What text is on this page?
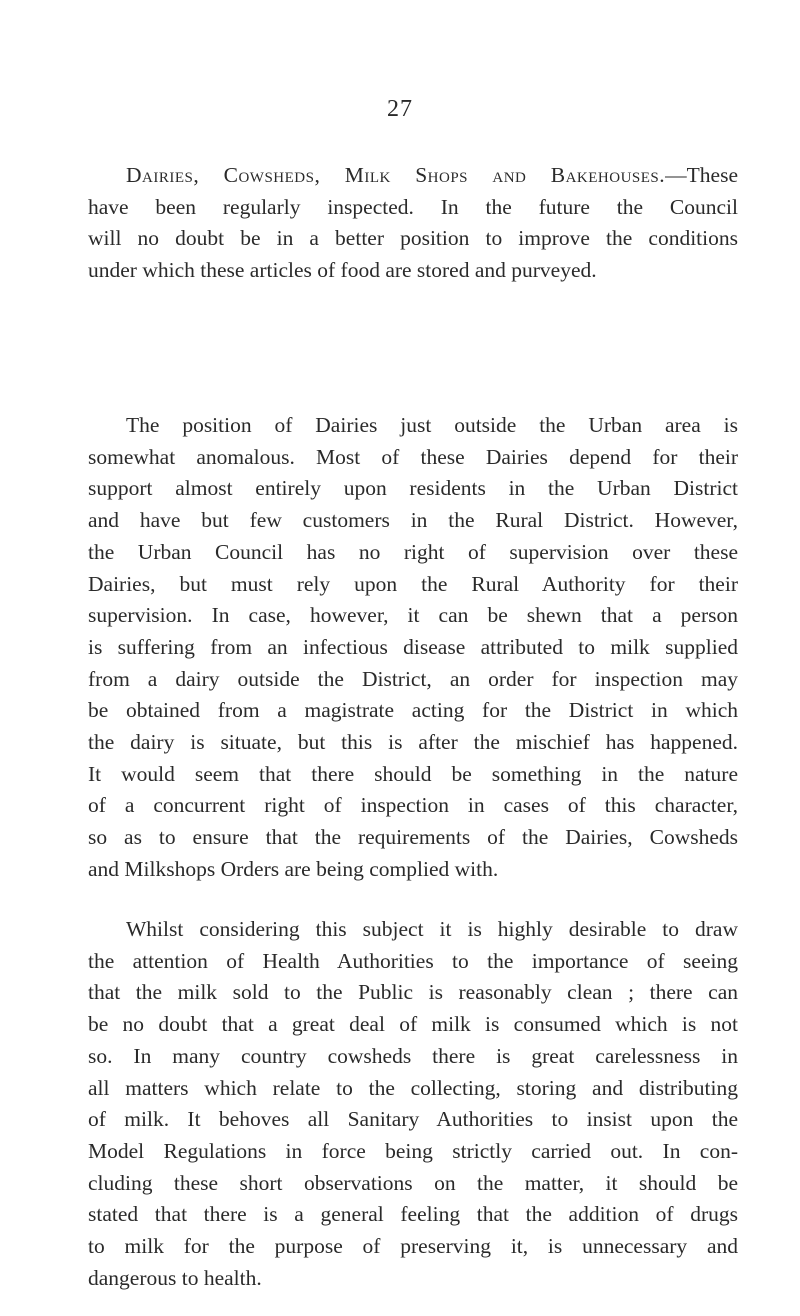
27
Dairies, Cowsheds, Milk Shops and Bakehouses.—These
have been regularly inspected. In the future the Council
will no doubt be in a better position to improve the conditions
under which these articles of food are stored and purveyed.
The position of Dairies just outside the Urban area is
somewhat anomalous. Most of these Dairies depend for their
support almost entirely upon residents in the Urban District
and have but few customers in the Rural District. However,
the Urban Council has no right of supervision over these
Dairies, but must rely upon the Rural Authority for their
supervision. In case, however, it can be shewn that a person
is suffering from an infectious disease attributed to milk supplied
from a dairy outside the District, an order for inspection may
be obtained from a magistrate acting for the District in which
the dairy is situate, but this is after the mischief has happened.
It would seem that there should be something in the nature
of a concurrent right of inspection in cases of this character,
so as to ensure that the requirements of the Dairies, Cowsheds
and Milkshops Orders are being complied with.
Whilst considering this subject it is highly desirable to draw
the attention of Health Authorities to the importance of seeing
that the milk sold to the Public is reasonably clean ; there can
be no doubt that a great deal of milk is consumed which is not
so. In many country cowsheds there is great carelessness in
all matters which relate to the collecting, storing and distributing
of milk. It behoves all Sanitary Authorities to insist upon the
Model Regulations in force being strictly carried out. In con-
cluding these short observations on the matter, it should be
stated that there is a general feeling that the addition of drugs
to milk for the purpose of preserving it, is unnecessary and
dangerous to health.
